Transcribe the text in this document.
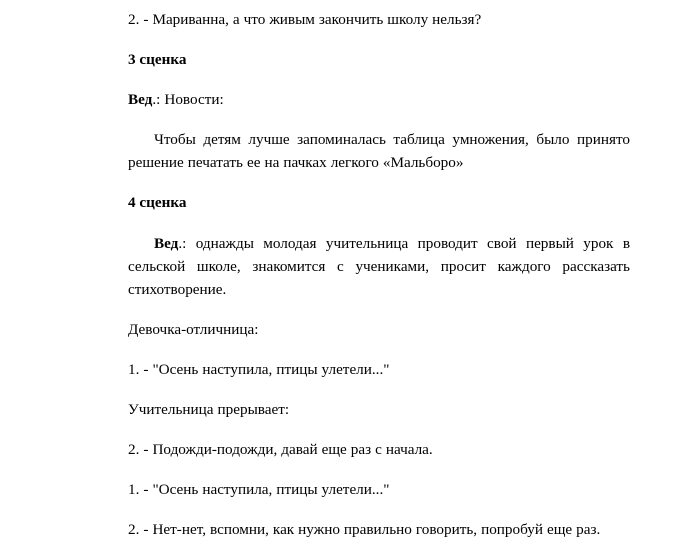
2. - Мариванна, а что живым закончить школу нельзя?

3 сценка

Вед.: Новости:

Чтобы детям лучше запоминалась таблица умножения, было принято решение печатать ее на пачках легкого «Мальборо»

4 сценка

Вед.: однажды молодая учительница проводит свой первый урок в сельской школе, знакомится с учениками, просит каждого рассказать стихотворение.

Девочка-отличница:

1. - "Осень наступила, птицы улетели..."

Учительница прерывает:

2. - Подожди-подожди, давай еще раз с начала.

1. - "Осень наступила, птицы улетели..."

2. - Нет-нет, вспомни, как нужно правильно говорить, попробуй еще раз.
